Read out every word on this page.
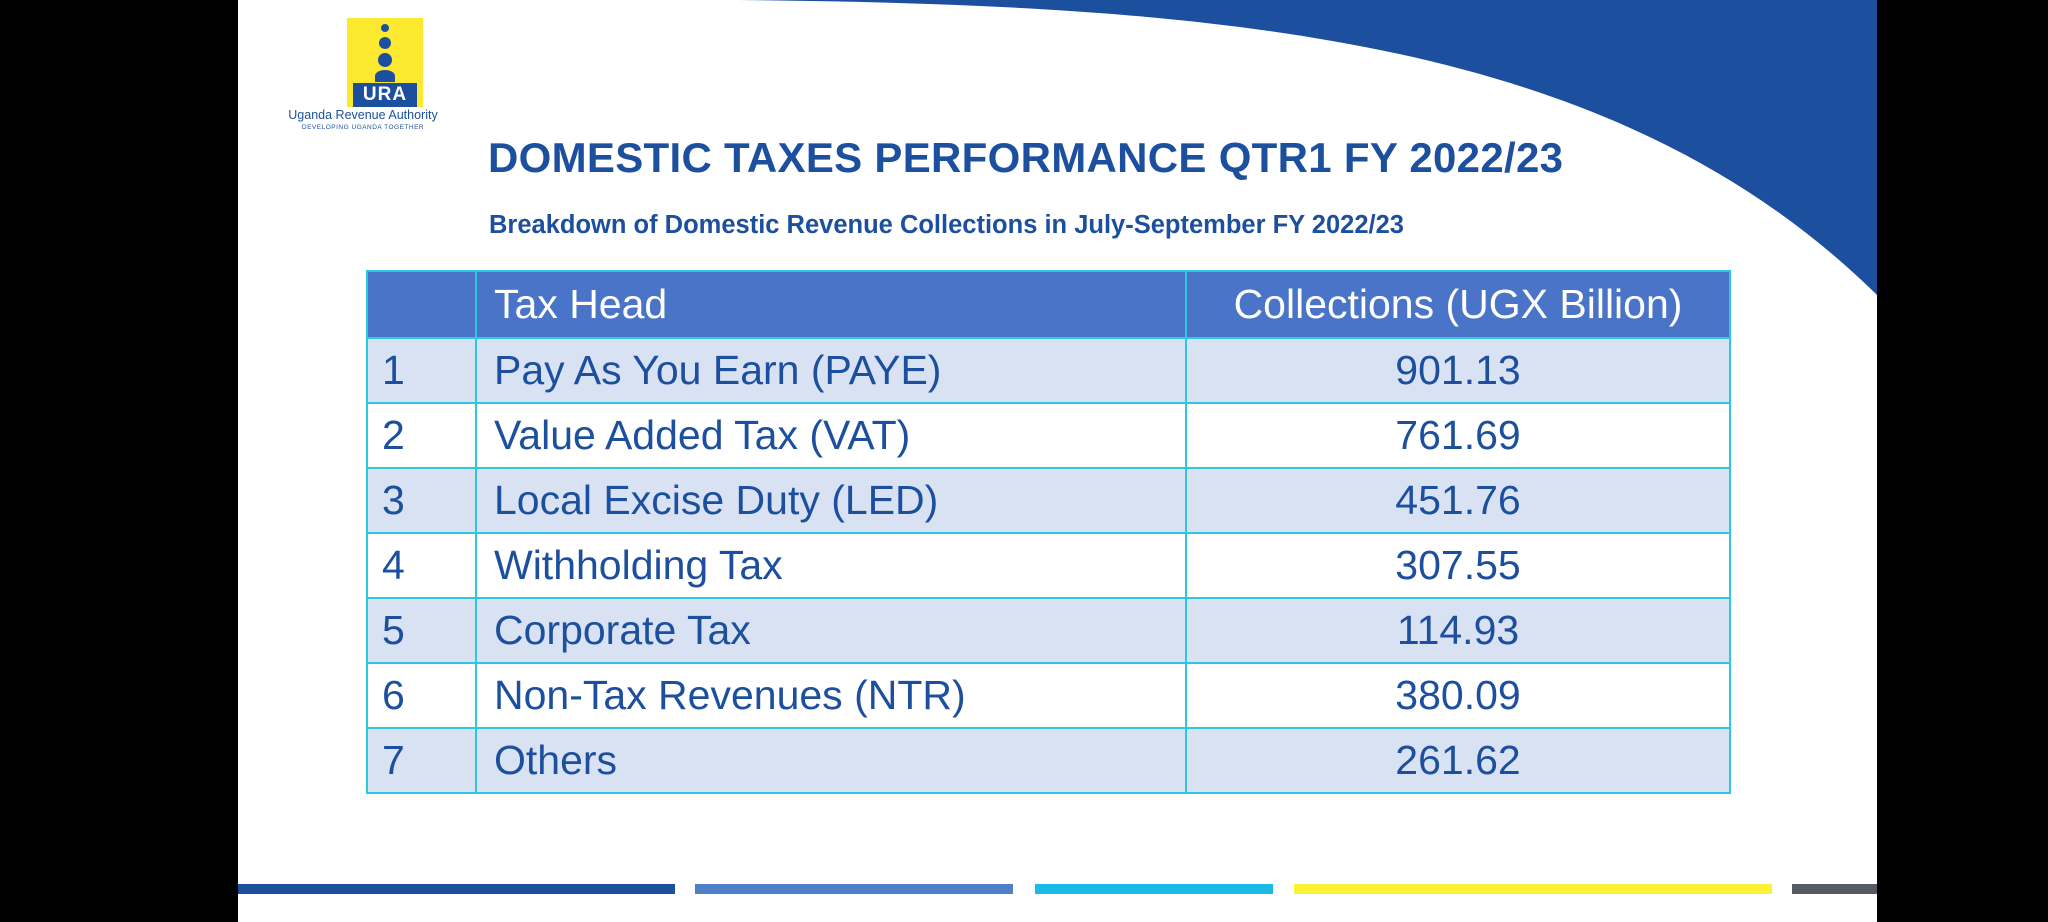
URA
Uganda Revenue Authority
DEVELOPING UGANDA TOGETHER
DOMESTIC TAXES PERFORMANCE QTR1 FY 2022/23
Breakdown of Domestic Revenue Collections in July-September FY 2022/23
	Tax Head	Collections (UGX Billion)
1	Pay As You Earn (PAYE)	901.13
2	Value Added Tax (VAT)	761.69
3	Local Excise Duty (LED)	451.76
4	Withholding Tax	307.55
5	Corporate Tax	114.93
6	Non-Tax Revenues (NTR)	380.09
7	Others	261.62
